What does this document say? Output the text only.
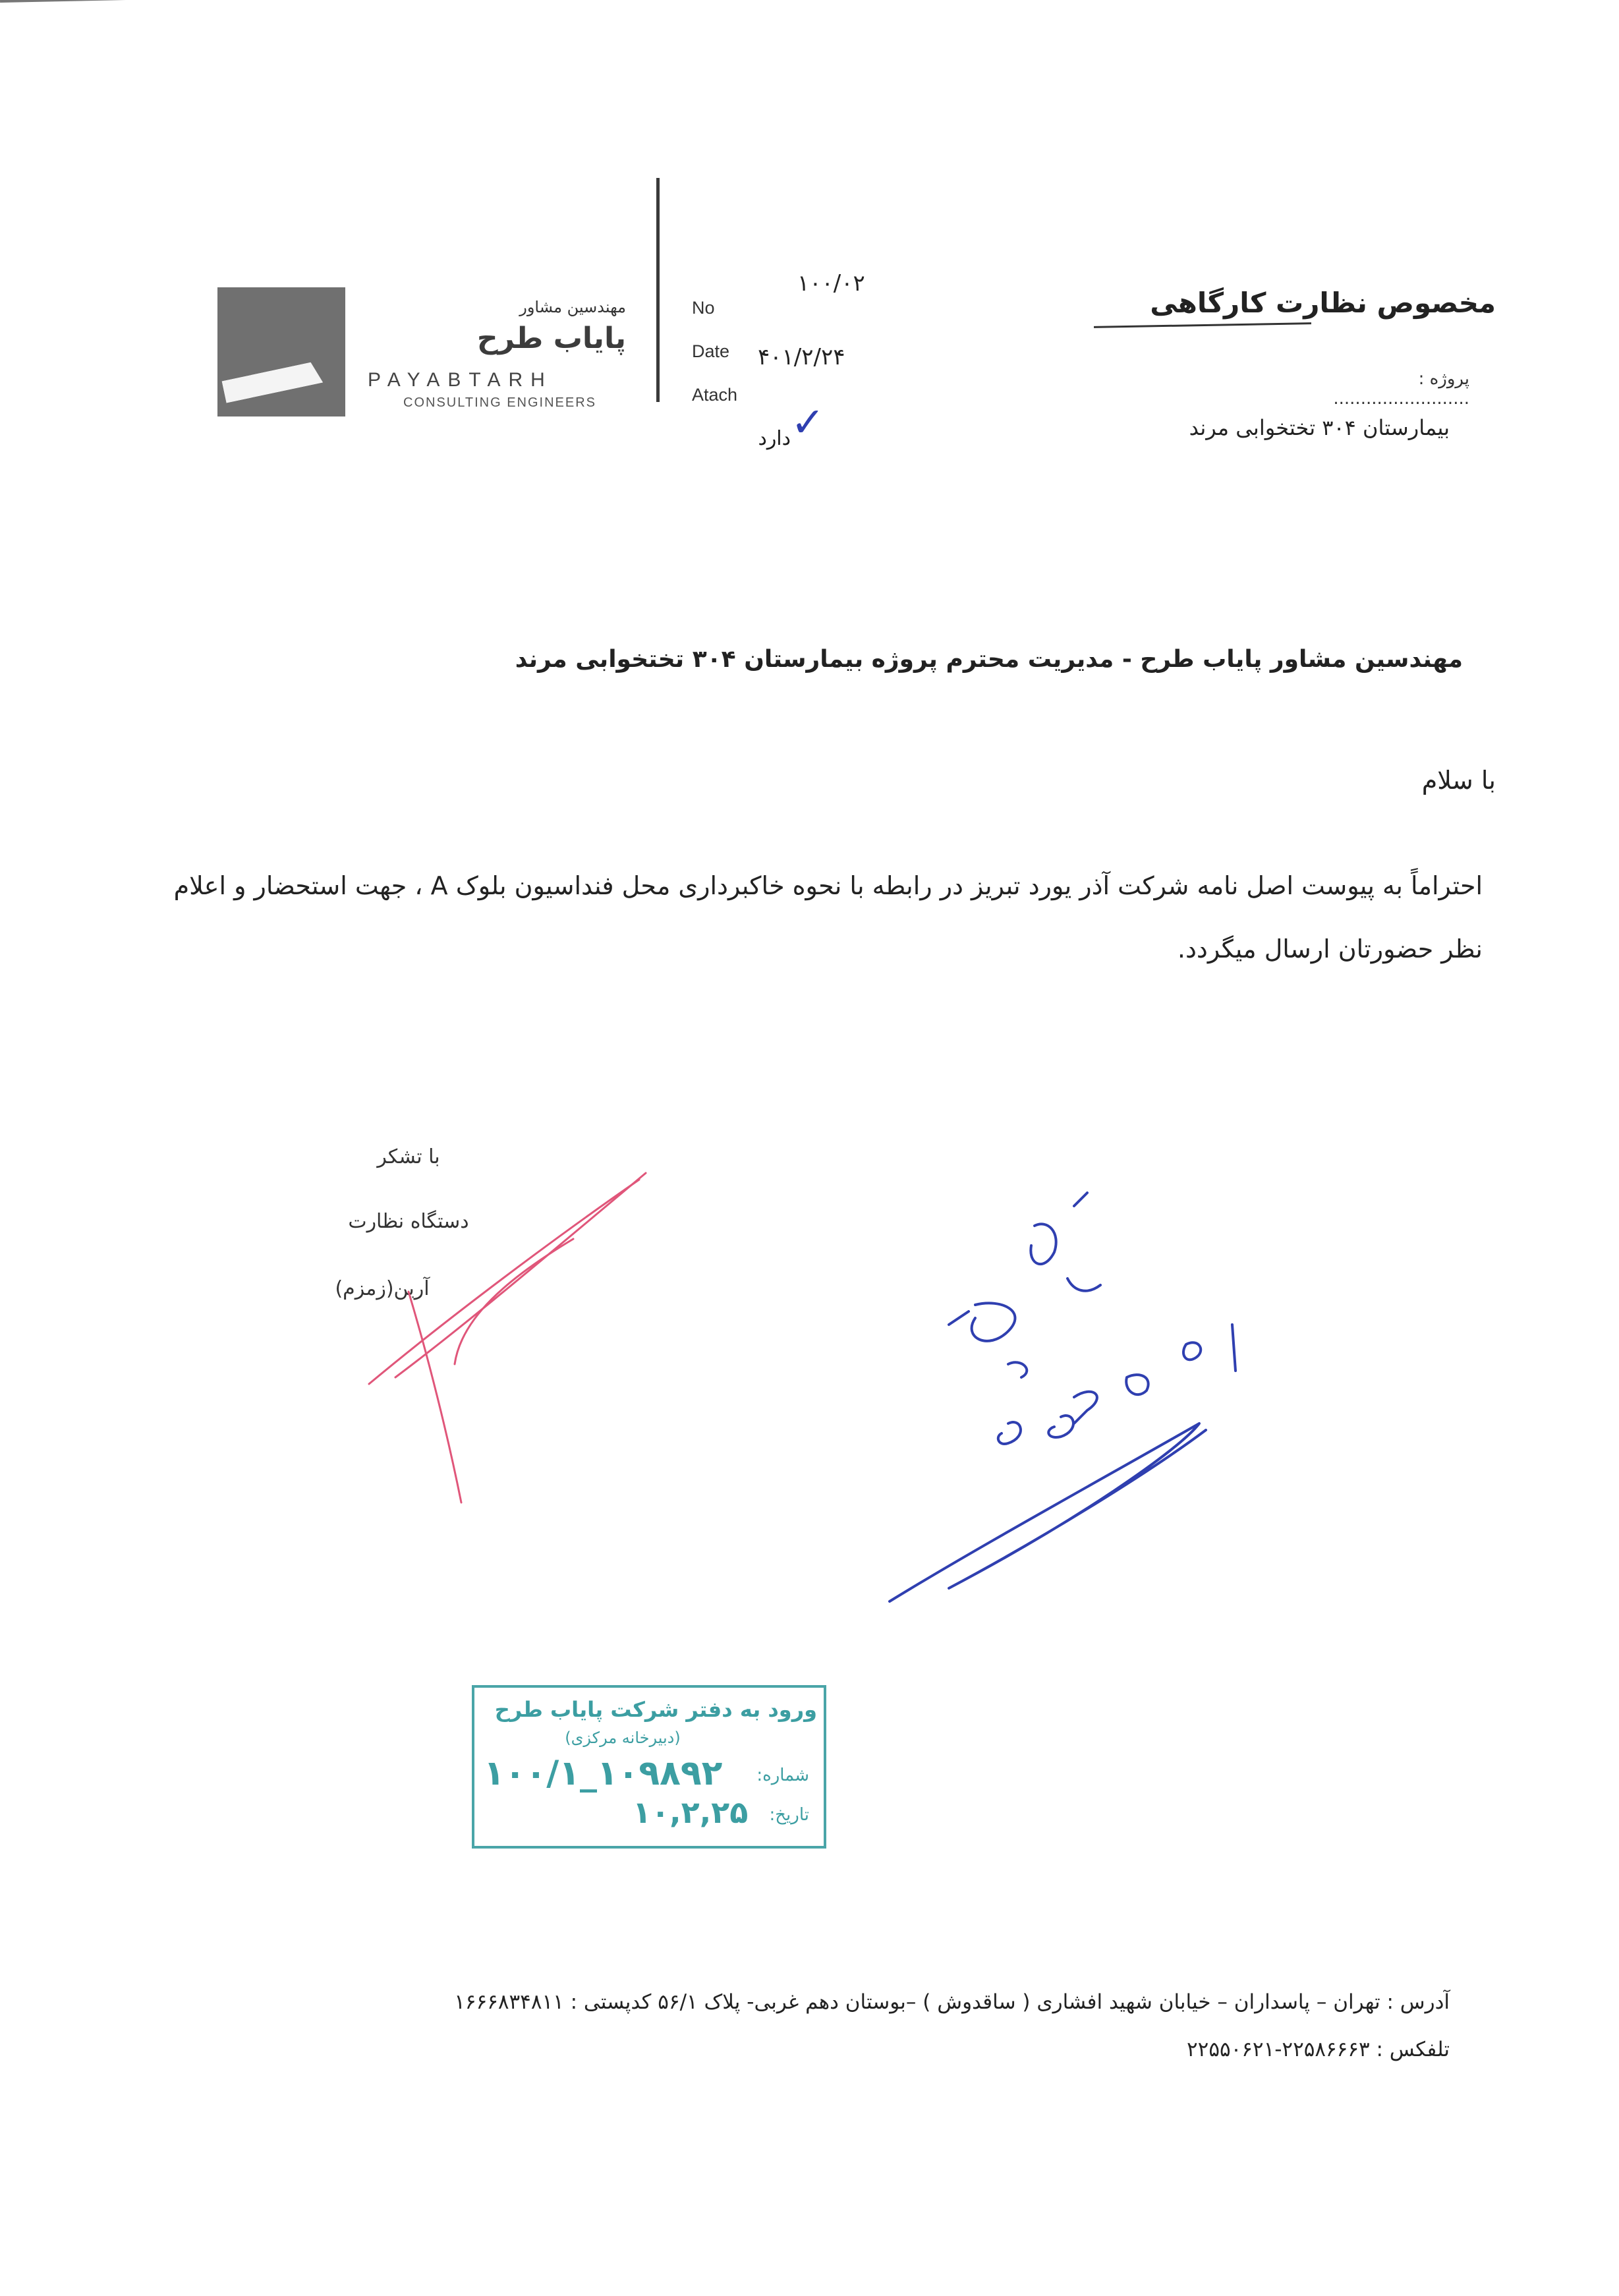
مهندسین مشاور
پایاب طرح
PAYABTARH
CONSULTING ENGINEERS
No
۱۰۰/۰۲
Date ۴۰۱/۲/۲۴
Atach
دارد ✓
مخصوص نظارت کارگاهی
پروژه : .........................
بیمارستان ۳۰۴ تختخوابی مرند
مهندسین مشاور پایاب طرح - مدیریت محترم پروژه بیمارستان ۳۰۴ تختخوابی مرند
با سلام
احتراماً به پیوست اصل نامه شرکت آذر یورد تبریز در رابطه با نحوه خاکبرداری محل فنداسیون بلوک A ، جهت استحضار و اعلام نظر حضورتان ارسال میگردد.
با تشکر
دستگاه نظارت
آرین(زمزم)
ورود به دفتر شرکت پایاب طرح
(دبیرخانه مرکزی)
شماره:
۱۰۰/۱_۱۰۹۸۹۲
تاریخ:
۱۰,۲,۲۵
آدرس : تهران – پاسداران – خیابان شهید افشاری ( ساقدوش ) –بوستان دهم غربی- پلاک ۵۶/۱ کدپستی : ۱۶۶۶۸۳۴۸۱۱
تلفکس : ۲۲۵۸۶۶۶۳-۲۲۵۵۰۶۲۱
